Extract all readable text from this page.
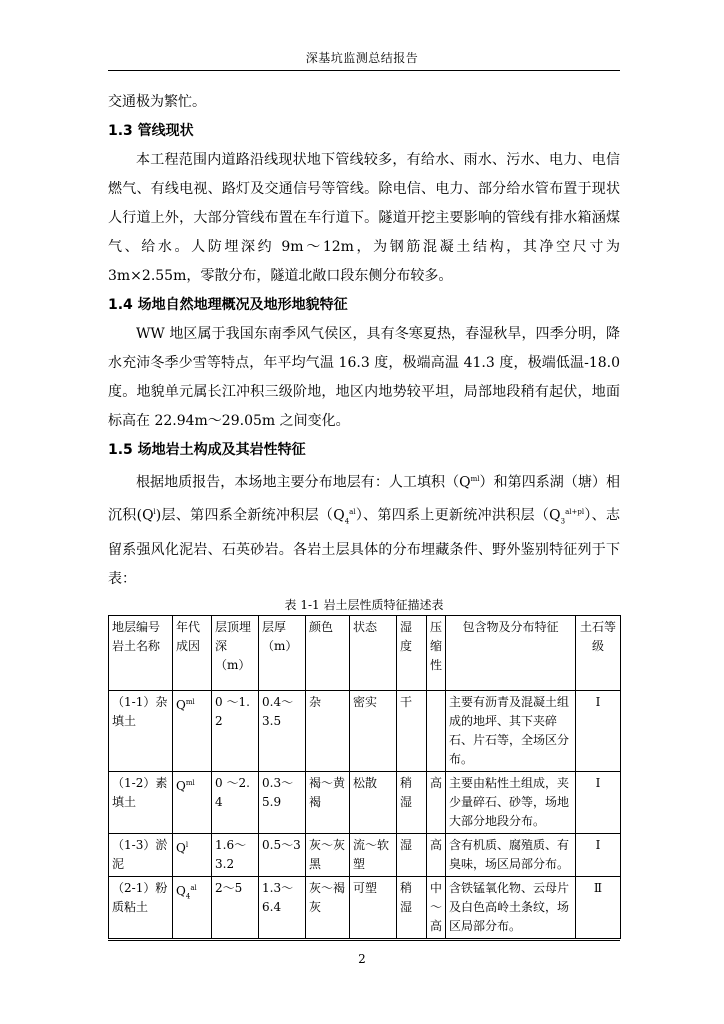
深基坑监测总结报告

交通极为繁忙。

1.3 管线现状

本工程范围内道路沿线现状地下管线较多，有给水、雨水、污水、电力、电信燃气、有线电视、路灯及交通信号等管线。除电信、电力、部分给水管布置于现状人行道上外，大部分管线布置在车行道下。隧道开挖主要影响的管线有排水箱涵煤气、给水。人防埋深约 9m～12m，为钢筋混凝土结构，其净空尺寸为 3m×2.55m，零散分布，隧道北敞口段东侧分布较多。

1.4 场地自然地理概况及地形地貌特征

WW 地区属于我国东南季风气侯区，具有冬寒夏热，春湿秋旱，四季分明，降水充沛冬季少雪等特点，年平均气温 16.3 度，极端高温 41.3 度，极端低温-18.0 度。地貌单元属长江冲积三级阶地，地区内地势较平坦，局部地段稍有起伏，地面标高在 22.94m～29.05m 之间变化。

1.5 场地岩土构成及其岩性特征

根据地质报告，本场地主要分布地层有：人工填积$(Q^{ml})$和第四系湖（塘）相沉积$(Q^l)$层、第四系全新统冲积层$(Q_4^{al})$、第四系上更新统冲洪积层$(Q_3^{al+pl})$、志留系强风化泥岩、石英砂岩。各岩土层具体的分布埋藏条件、野外鉴别特征列于下表：

表 1-1 岩土层性质特征描述表
地层编号岩土名称	年代成因	层顶埋深（m）	层厚（m）	颜色	状态	湿度	压缩性	包含物及分布特征	土石等级
（1-1）杂填土	$Q^{ml}$	0 ～1.2	0.4～3.5	杂	密实	干		主要有沥青及混凝土组成的地坪、其下夹碎石、片石等，全场区分布。	Ⅰ
（1-2）素填土	$Q^{ml}$	0 ～2.4	0.3～5.9	褐～黄褐	松散	稍湿	高	主要由粘性土组成，夹少量碎石、砂等，场地大部分地段分布。	Ⅰ
（1-3）淤泥	$Q^l$	1.6～3.2	0.5～3	灰～灰黑	流～软塑	湿	高	含有机质、腐殖质、有臭味，场区局部分布。	Ⅰ
（2-1）粉质粘土	$Q_4^{al}$	2～5	1.3～6.4	灰～褐灰	可塑	稍湿	中～高	含铁锰氧化物、云母片及白色高岭土条纹，场区局部分布。	Ⅱ
2
